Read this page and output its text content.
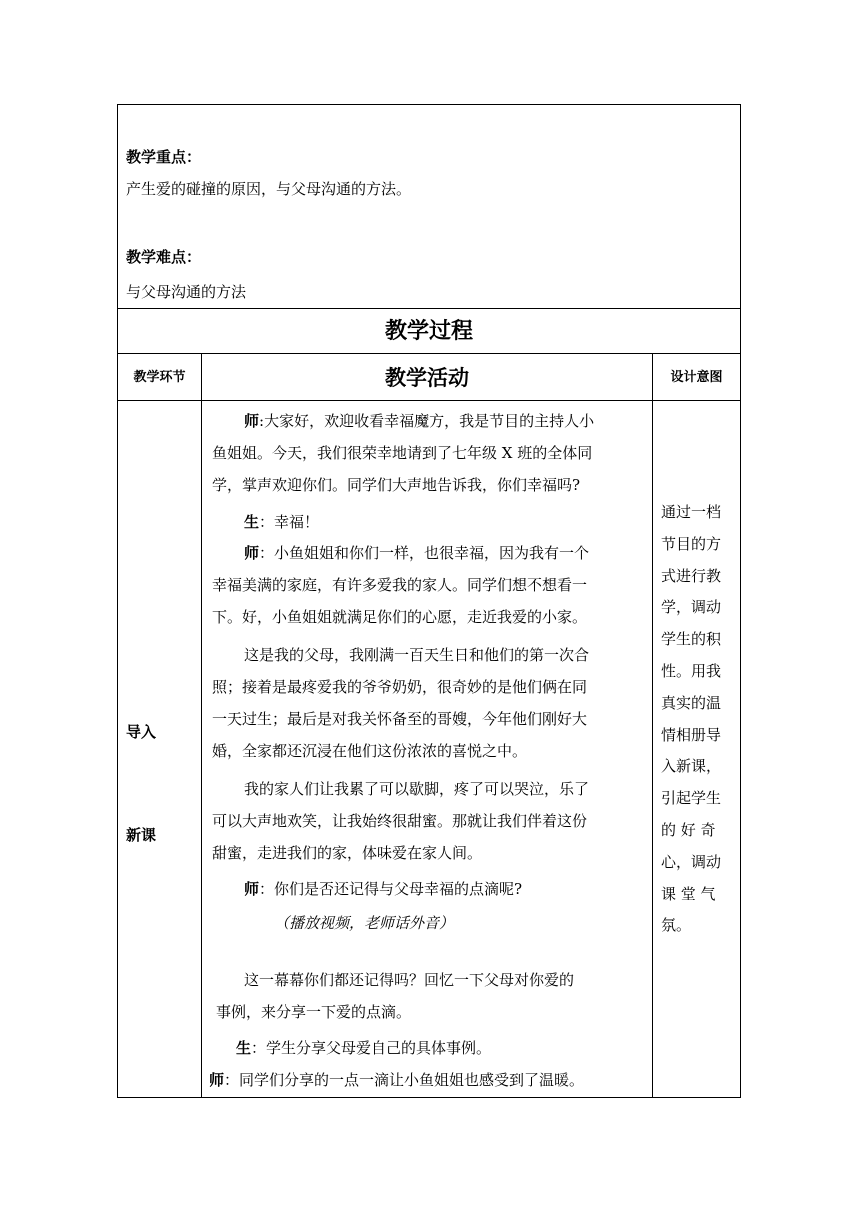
教学重点：
产生爱的碰撞的原因，与父母沟通的方法。
教学难点：
与父母沟通的方法
教学过程
教学环节	教学活动	设计意图
导入
新课
师:大家好，欢迎收看幸福魔方，我是节目的主持人小
鱼姐姐。今天，我们很荣幸地请到了七年级 X 班的全体同
学，掌声欢迎你们。同学们大声地告诉我，你们幸福吗?
生：幸福！
师：小鱼姐姐和你们一样，也很幸福，因为我有一个
幸福美满的家庭，有许多爱我的家人。同学们想不想看一
下。好，小鱼姐姐就满足你们的心愿，走近我爱的小家。
这是我的父母，我刚满一百天生日和他们的第一次合
照；接着是最疼爱我的爷爷奶奶，很奇妙的是他们俩在同
一天过生；最后是对我关怀备至的哥嫂，今年他们刚好大
婚，全家都还沉浸在他们这份浓浓的喜悦之中。
我的家人们让我累了可以歇脚，疼了可以哭泣，乐了
可以大声地欢笑，让我始终很甜蜜。那就让我们伴着这份
甜蜜，走进我们的家，体味爱在家人间。
师：你们是否还记得与父母幸福的点滴呢?
（播放视频，老师话外音）
这一幕幕你们都还记得吗？回忆一下父母对你爱的
事例，来分享一下爱的点滴。
生：学生分享父母爱自己的具体事例。
师：同学们分享的一点一滴让小鱼姐姐也感受到了温暖。
通过一档
节目的方
式进行教
学，调动
学生的积
性。用我
真实的温
情相册导
入新课，
引起学生
的 好 奇
心，调动
课 堂 气
氛。
